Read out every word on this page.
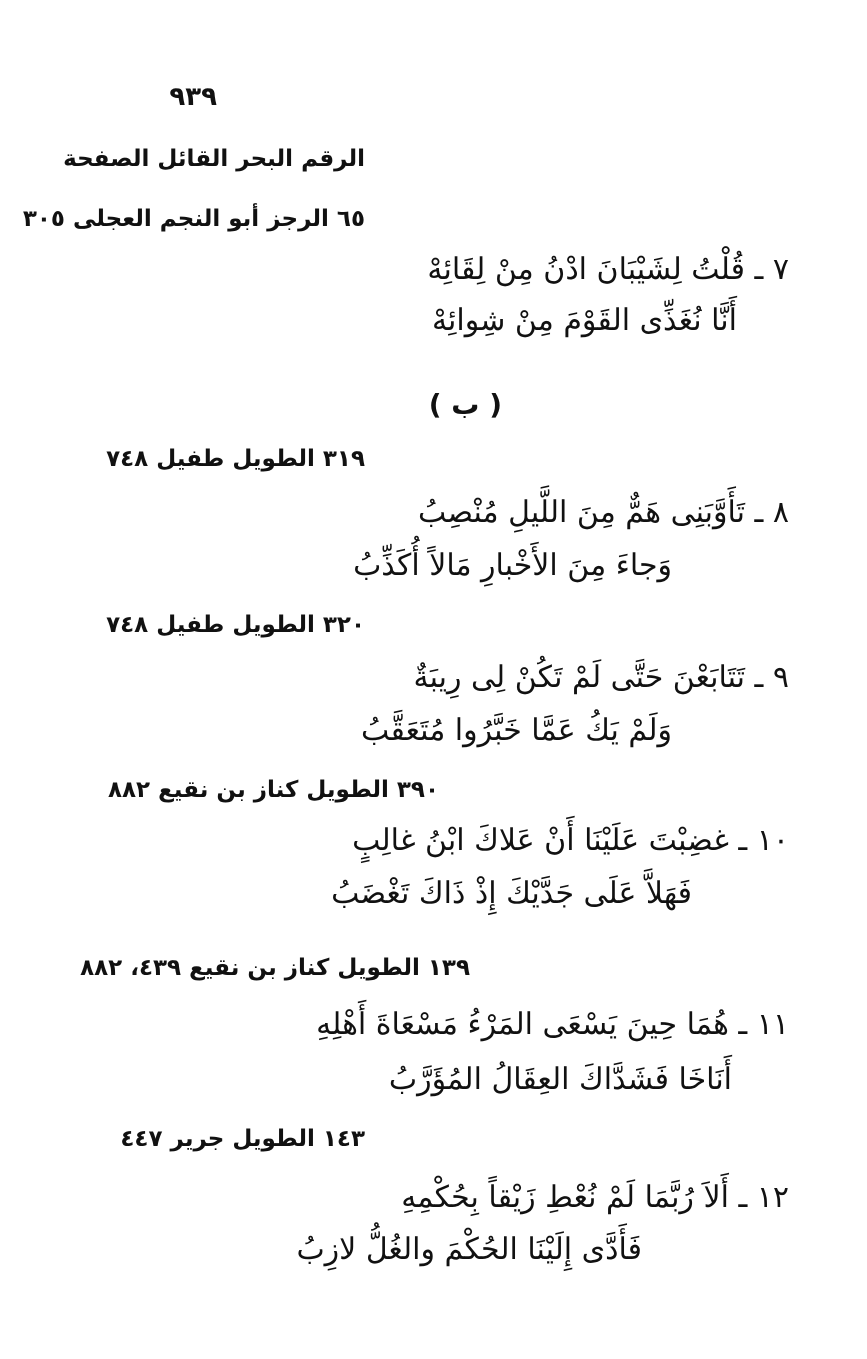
٩٣٩
الرقم البحر القائل الصفحة
٦٥ الرجز أبو النجم العجلى ٣٠٥
٧ ـ قُلْتُ لِشَيْبَانَ ادْنُ مِنْ لِقَائِهْ
أَنَّا نُغَذِّى القَوْمَ مِنْ شِوائِهْ
( ب )
٣١٩ الطويل طفيل ٧٤٨
٨ ـ تَأَوَّبَنِى هَمٌّ مِنَ اللَّيلِ مُنْصِبُ
وَجاءَ مِنَ الأَخْبارِ مَالاً أُكَذِّبُ
٣٢٠ الطويل طفيل ٧٤٨
٩ ـ تَتَابَعْنَ حَتَّى لَمْ تَكُنْ لِى رِيبَةٌ
وَلَمْ يَكُ عَمَّا خَبَّرُوا مُتَعَقَّبُ
٣٩٠ الطويل كناز بن نقيع ٨٨٢
١٠ ـ غضِبْتَ عَلَيْنَا أَنْ عَلاكَ ابْنُ غالِبٍ
فَهَلاَّ عَلَى جَدَّيْكَ إِذْ ذَاكَ تَغْضَبُ
١٣٩ الطويل كناز بن نقيع ٤٣٩، ٨٨٢
١١ ـ هُمَا حِينَ يَسْعَى المَرْءُ مَسْعَاةَ أَهْلِهِ
أَنَاخَا فَشَدَّاكَ العِقَالُ المُؤَرَّبُ
١٤٣ الطويل جرير ٤٤٧
١٢ ـ أَلاَ رُبَّمَا لَمْ نُعْطِ زَيْقاً بِحُكْمِهِ
فَأَدَّى إِلَيْنَا الحُكْمَ والغُلُّ لازِبُ
